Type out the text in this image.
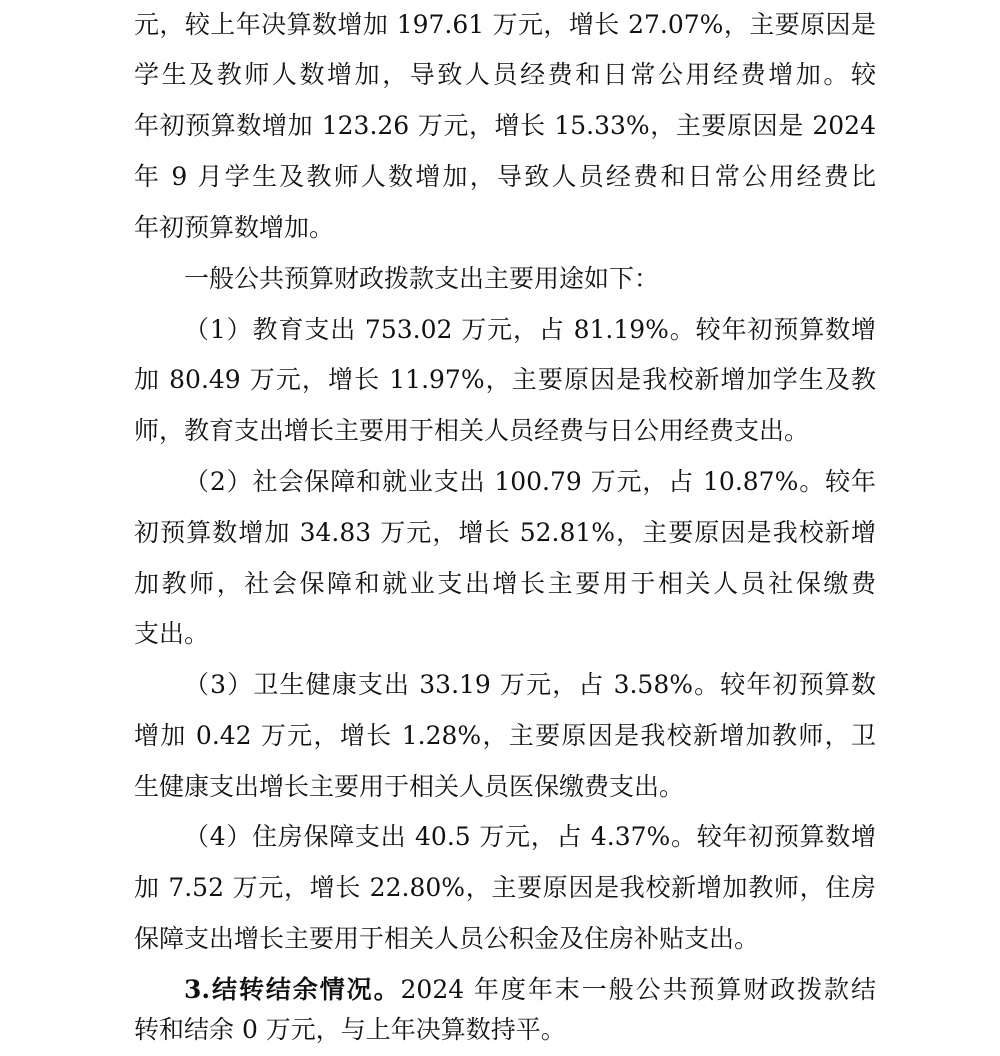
元，较上年决算数增加 197.61 万元，增长 27.07%，主要原因是
学生及教师人数增加，导致人员经费和日常公用经费增加。较
年初预算数增加 123.26 万元，增长 15.33%，主要原因是 2024
年 9 月学生及教师人数增加，导致人员经费和日常公用经费比
年初预算数增加。
一般公共预算财政拨款支出主要用途如下：
（1）教育支出 753.02 万元，占 81.19%。较年初预算数增
加 80.49 万元，增长 11.97%，主要原因是我校新增加学生及教
师，教育支出增长主要用于相关人员经费与日公用经费支出。
（2）社会保障和就业支出 100.79 万元，占 10.87%。较年
初预算数增加 34.83 万元，增长 52.81%，主要原因是我校新增
加教师，社会保障和就业支出增长主要用于相关人员社保缴费
支出。
（3）卫生健康支出 33.19 万元，占 3.58%。较年初预算数
增加 0.42 万元，增长 1.28%，主要原因是我校新增加教师，卫
生健康支出增长主要用于相关人员医保缴费支出。
（4）住房保障支出 40.5 万元，占 4.37%。较年初预算数增
加 7.52 万元，增长 22.80%，主要原因是我校新增加教师，住房
保障支出增长主要用于相关人员公积金及住房补贴支出。
3.结转结余情况。2024 年度年末一般公共预算财政拨款结
转和结余 0 万元，与上年决算数持平。
